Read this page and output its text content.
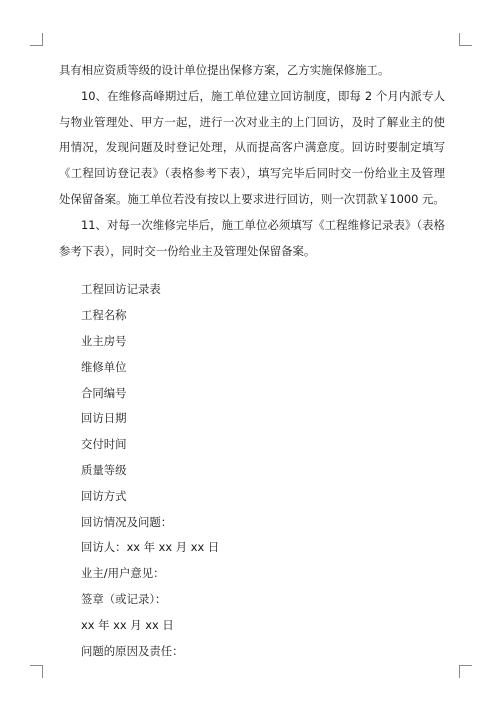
具有相应资质等级的设计单位提出保修方案，乙方实施保修施工。

10、在维修高峰期过后，施工单位建立回访制度，即每 2 个月内派专人与物业管理处、甲方一起，进行一次对业主的上门回访，及时了解业主的使用情况，发现问题及时登记处理，从而提高客户满意度。回访时要制定填写《工程回访登记表》（表格参考下表），填写完毕后同时交一份给业主及管理处保留备案。施工单位若没有按以上要求进行回访，则一次罚款￥1000 元。

11、对每一次维修完毕后，施工单位必须填写《工程维修记录表》（表格参考下表），同时交一份给业主及管理处保留备案。

工程回访记录表

工程名称

业主房号

维修单位

合同编号

回访日期

交付时间

质量等级

回访方式

回访情况及问题：

回访人：xx 年 xx 月 xx 日

业主/用户意见：

签章（或记录）：

xx 年 xx 月 xx 日

问题的原因及责任：
